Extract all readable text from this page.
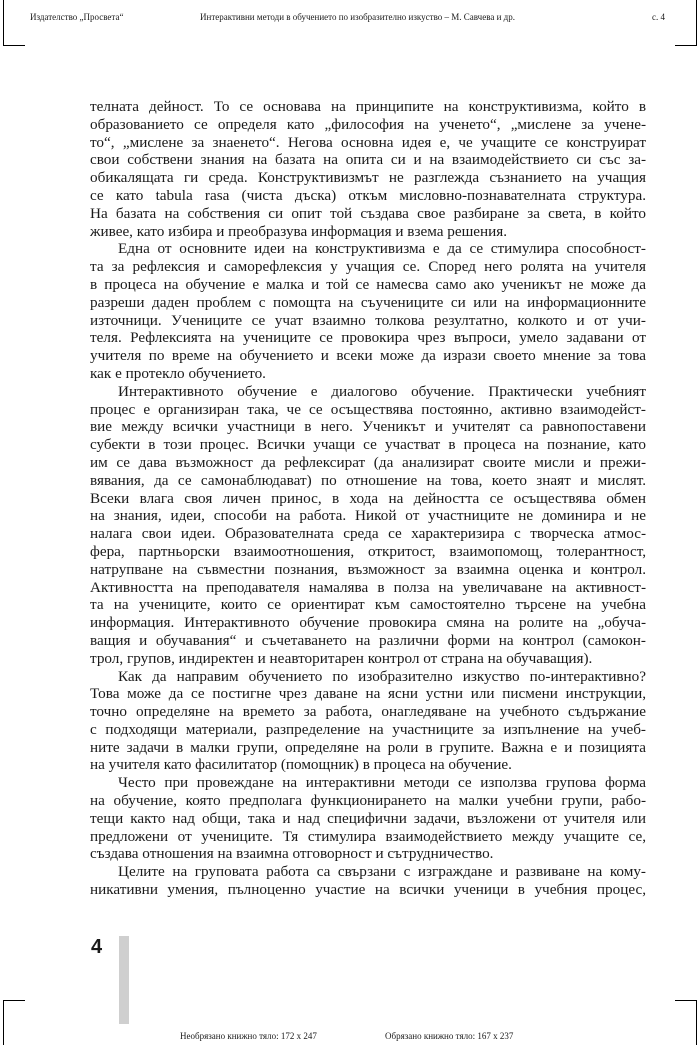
Издателство „Просвета“	Интерактивни методи в обучението по изобразително изкуство – М. Савчева и др.	с. 4
телната дейност. То се основава на принципите на конструктивизма, който в
образованието се определя като „философия на ученето“, „мислене за учене-
то“, „мислене за знаенето“. Негова основна идея е, че учащите се конструират
свои собствени знания на базата на опита си и на взаимодействието си със за-
обикалящата ги среда. Конструктивизмът не разглежда съзнанието на учащия
се като tabula rasa (чиста дъска) откъм мисловно-познавателната структура.
На базата на собствения си опит той създава свое разбиране за света, в който
живее, като избира и преобразува информация и взема решения.
Една от основните идеи на конструктивизма е да се стимулира способност-
та за рефлексия и саморефлексия у учащия се. Според него ролята на учителя
в процеса на обучение е малка и той се намесва само ако ученикът не може да
разреши даден проблем с помощта на съучениците си или на информационните
източници. Учениците се учат взаимно толкова резултатно, колкото и от учи-
теля. Рефлексията на учениците се провокира чрез въпроси, умело задавани от
учителя по време на обучението и всеки може да изрази своето мнение за това
как е протекло обучението.
Интерактивното обучение е диалогово обучение. Практически учебният
процес е организиран така, че се осъществява постоянно, активно взаимодейст-
вие между всички участници в него. Ученикът и учителят са равнопоставени
субекти в този процес. Всички учащи се участват в процеса на познание, като
им се дава възможност да рефлексират (да анализират своите мисли и прежи-
вявания, да се самонаблюдават) по отношение на това, което знаят и мислят.
Всеки влага своя личен принос, в хода на дейността се осъществява обмен
на знания, идеи, способи на работа. Никой от участниците не доминира и не
налага свои идеи. Образователната среда се характеризира с творческа атмос-
фера, партньорски взаимоотношения, откритост, взаимопомощ, толерантност,
натрупване на съвместни познания, възможност за взаимна оценка и контрол.
Активността на преподавателя намалява в полза на увеличаване на активност-
та на учениците, които се ориентират към самостоятелно търсене на учебна
информация. Интерактивното обучение провокира смяна на ролите на „обуча-
ващия и обучавания“ и съчетаването на различни форми на контрол (самокон-
трол, групов, индиректен и неавторитарен контрол от страна на обучаващия).
Как да направим обучението по изобразително изкуство по-интерактивно?
Това може да се постигне чрез даване на ясни устни или писмени инструкции,
точно определяне на времето за работа, онагледяване на учебното съдържание
с подходящи материали, разпределение на участниците за изпълнение на учеб-
ните задачи в малки групи, определяне на роли в групите. Важна е и позицията
на учителя като фасилитатор (помощник) в процеса на обучение.
Често при провеждане на интерактивни методи се използва групова форма
на обучение, която предполага функционирането на малки учебни групи, рабо-
тещи както над общи, така и над специфични задачи, възложени от учителя или
предложени от учениците. Тя стимулира взаимодействието между учащите се,
създава отношения на взаимна отговорност и сътрудничество.
Целите на груповата работа са свързани с изграждане и развиване на кому-
никативни умения, пълноценно участие на всички ученици в учебния процес,
4
Необрязано книжно тяло: 172 x 247	Обрязано книжно тяло: 167 x 237
